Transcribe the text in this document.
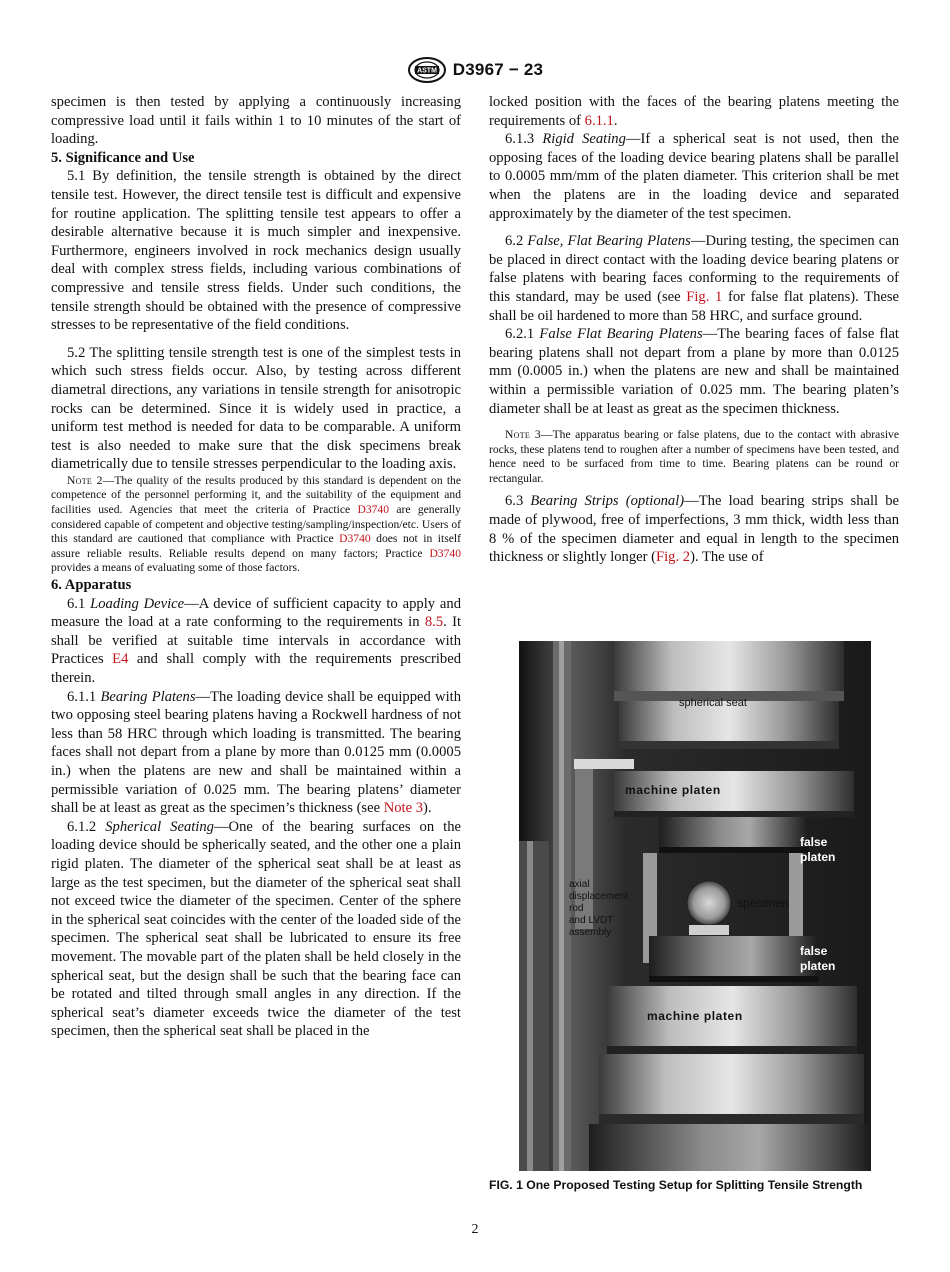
ASTM D3967 − 23

specimen is then tested by applying a continuously increasing compressive load until it fails within 1 to 10 minutes of the start of loading.

5. Significance and Use

5.1 By definition, the tensile strength is obtained by the direct tensile test. However, the direct tensile test is difficult and expensive for routine application. The splitting tensile test appears to offer a desirable alternative because it is much simpler and inexpensive. Furthermore, engineers involved in rock mechanics design usually deal with complex stress fields, including various combinations of compressive and tensile stress fields. Under such conditions, the tensile strength should be obtained with the presence of compressive stresses to be representative of the field conditions.

5.2 The splitting tensile strength test is one of the simplest tests in which such stress fields occur. Also, by testing across different diametral directions, any variations in tensile strength for anisotropic rocks can be determined. Since it is widely used in practice, a uniform test method is needed for data to be comparable. A uniform test is also needed to make sure that the disk specimens break diametrically due to tensile stresses perpendicular to the loading axis.

Note 2—The quality of the results produced by this standard is dependent on the competence of the personnel performing it, and the suitability of the equipment and facilities used. Agencies that meet the criteria of Practice D3740 are generally considered capable of competent and objective testing/sampling/inspection/etc. Users of this standard are cautioned that compliance with Practice D3740 does not in itself assure reliable results. Reliable results depend on many factors; Practice D3740 provides a means of evaluating some of those factors.

6. Apparatus

6.1 Loading Device—A device of sufficient capacity to apply and measure the load at a rate conforming to the requirements in 8.5. It shall be verified at suitable time intervals in accordance with Practices E4 and shall comply with the requirements prescribed therein.

6.1.1 Bearing Platens—The loading device shall be equipped with two opposing steel bearing platens having a Rockwell hardness of not less than 58 HRC through which loading is transmitted. The bearing faces shall not depart from a plane by more than 0.0125 mm (0.0005 in.) when the platens are new and shall be maintained within a permissible variation of 0.025 mm. The bearing platens’ diameter shall be at least as great as the specimen’s thickness (see Note 3).

6.1.2 Spherical Seating—One of the bearing surfaces on the loading device should be spherically seated, and the other one a plain rigid platen. The diameter of the spherical seat shall be at least as large as the test specimen, but the diameter of the spherical seat shall not exceed twice the diameter of the specimen. Center of the sphere in the spherical seat coincides with the center of the loaded side of the specimen. The spherical seat shall be lubricated to ensure its free movement. The movable part of the platen shall be held closely in the spherical seat, but the design shall be such that the bearing face can be rotated and tilted through small angles in any direction. If the spherical seat’s diameter exceeds twice the diameter of the test specimen, then the spherical seat shall be placed in the

locked position with the faces of the bearing platens meeting the requirements of 6.1.1.

6.1.3 Rigid Seating—If a spherical seat is not used, then the opposing faces of the loading device bearing platens shall be parallel to 0.0005 mm/mm of the platen diameter. This criterion shall be met when the platens are in the loading device and separated approximately by the diameter of the test specimen.

6.2 False, Flat Bearing Platens—During testing, the specimen can be placed in direct contact with the loading device bearing platens or false platens with bearing faces conforming to the requirements of this standard, may be used (see Fig. 1 for false flat platens). These shall be oil hardened to more than 58 HRC, and surface ground.

6.2.1 False Flat Bearing Platens—The bearing faces of false flat bearing platens shall not depart from a plane by more than 0.0125 mm (0.0005 in.) when the platens are new and shall be maintained within a permissible variation of 0.025 mm. The bearing platen’s diameter shall be at least as great as the specimen thickness.

Note 3—The apparatus bearing or false platens, due to the contact with abrasive rocks, these platens tend to roughen after a number of specimens have been tested, and hence need to be surfaced from time to time. Bearing platens can be round or rectangular.

6.3 Bearing Strips (optional)—The load bearing strips shall be made of plywood, free of imperfections, 3 mm thick, width less than 8 % of the specimen diameter and equal in length to the specimen thickness or slightly longer (Fig. 2). The use of

spherical seat
machine platen
false
platen
axial
displacement
rod
and LVDT
assembly
specimen
false
platen
machine platen

FIG. 1 One Proposed Testing Setup for Splitting Tensile Strength

2
